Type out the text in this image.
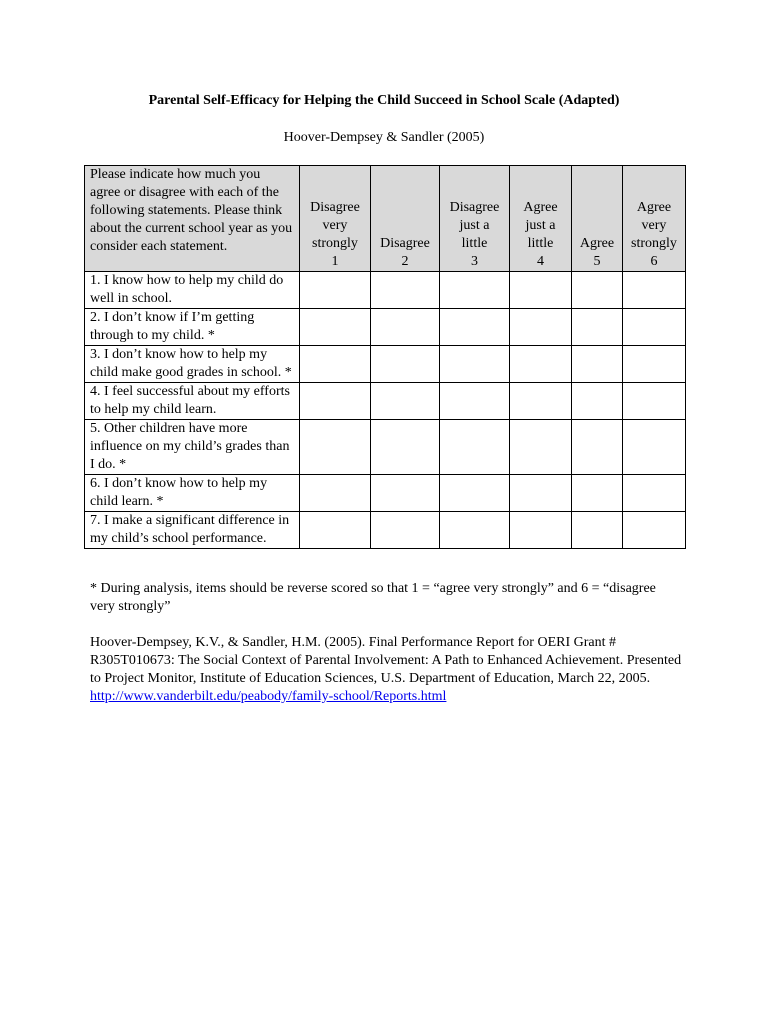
Parental Self-Efficacy for Helping the Child Succeed in School Scale (Adapted)
Hoover-Dempsey & Sandler (2005)
Please indicate how much you agree or disagree with each of the following statements. Please think about the current school year as you consider each statement.	Disagree
very
strongly
1	Disagree
2	Disagree
just a
little
3	Agree
just a
little
4	Agree
5	Agree
very
strongly
6

1. I know how to help my child do well in school.						
2. I don’t know if I’m getting through to my child. *						
3. I don’t know how to help my child make good grades in school. *						
4. I feel successful about my efforts to help my child learn.						
5. Other children have more influence on my child’s grades than I do. *						
6. I don’t know how to help my child learn. *						
7. I make a significant difference in my child’s school performance.						
* During analysis, items should be reverse scored so that 1 = “agree very strongly” and 6 = “disagree very strongly”
Hoover-Dempsey, K.V., & Sandler, H.M. (2005). Final Performance Report for OERI Grant # R305T010673: The Social Context of Parental Involvement: A Path to Enhanced Achievement. Presented to Project Monitor, Institute of Education Sciences, U.S. Department of Education, March 22, 2005.
http://www.vanderbilt.edu/peabody/family-school/Reports.html
